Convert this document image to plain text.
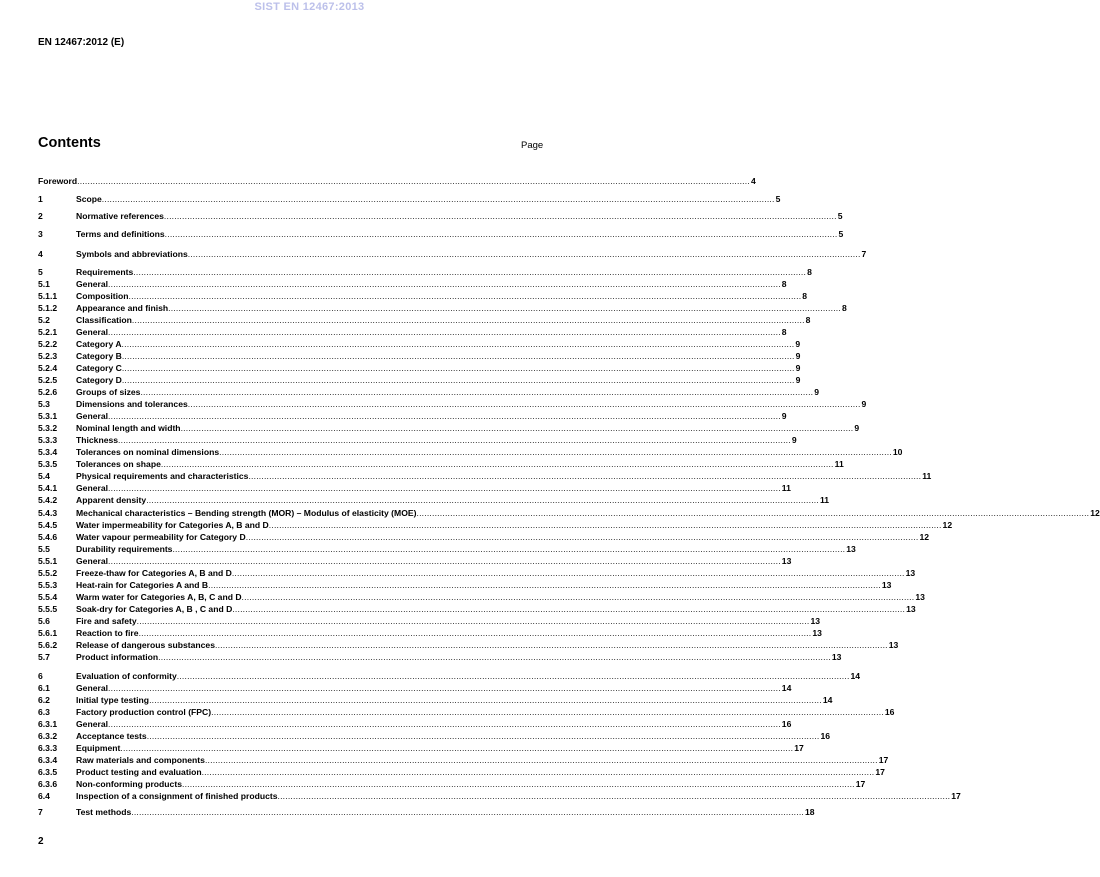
SIST EN 12467:2013
EN 12467:2012 (E)
Contents	Page
Foreword .................................................................................................................................................................................................................................................................... 4
1	Scope .................................................................................................................................................................................................................................................................... 5
2	Normative references .................................................................................................................................................................................................................................................................... 5
3	Terms and definitions .................................................................................................................................................................................................................................................................... 5
4	Symbols and abbreviations .................................................................................................................................................................................................................................................................... 7
5	Requirements .................................................................................................................................................................................................................................................................... 8
5.1	General .................................................................................................................................................................................................................................................................... 8
5.1.1	Composition .................................................................................................................................................................................................................................................................... 8
5.1.2	Appearance and finish .................................................................................................................................................................................................................................................................... 8
5.2	Classification .................................................................................................................................................................................................................................................................... 8
5.2.1	General .................................................................................................................................................................................................................................................................... 8
5.2.2	Category A .................................................................................................................................................................................................................................................................... 9
5.2.3	Category B .................................................................................................................................................................................................................................................................... 9
5.2.4	Category C .................................................................................................................................................................................................................................................................... 9
5.2.5	Category D .................................................................................................................................................................................................................................................................... 9
5.2.6	Groups of sizes .................................................................................................................................................................................................................................................................... 9
5.3	Dimensions and tolerances .................................................................................................................................................................................................................................................................... 9
5.3.1	General .................................................................................................................................................................................................................................................................... 9
5.3.2	Nominal length and width .................................................................................................................................................................................................................................................................... 9
5.3.3	Thickness .................................................................................................................................................................................................................................................................... 9
5.3.4	Tolerances on nominal dimensions .................................................................................................................................................................................................................................................................... 10
5.3.5	Tolerances on shape .................................................................................................................................................................................................................................................................... 11
5.4	Physical requirements and characteristics .................................................................................................................................................................................................................................................................... 11
5.4.1	General .................................................................................................................................................................................................................................................................... 11
5.4.2	Apparent density .................................................................................................................................................................................................................................................................... 11
5.4.3	Mechanical characteristics – Bending strength (MOR) – Modulus of elasticity (MOE) .................................................................................................................................................................................................................................................................... 12
5.4.5	Water impermeability for Categories A, B and D .................................................................................................................................................................................................................................................................... 12
5.4.6	Water vapour permeability for Category D .................................................................................................................................................................................................................................................................... 12
5.5	Durability requirements .................................................................................................................................................................................................................................................................... 13
5.5.1	General .................................................................................................................................................................................................................................................................... 13
5.5.2	Freeze-thaw for Categories A, B and D .................................................................................................................................................................................................................................................................... 13
5.5.3	Heat-rain for Categories A and B .................................................................................................................................................................................................................................................................... 13
5.5.4	Warm water for Categories A, B, C and D .................................................................................................................................................................................................................................................................... 13
5.5.5	Soak-dry for Categories A, B , C and D .................................................................................................................................................................................................................................................................... 13
5.6	Fire and safety .................................................................................................................................................................................................................................................................... 13
5.6.1	Reaction to fire .................................................................................................................................................................................................................................................................... 13
5.6.2	Release of dangerous substances .................................................................................................................................................................................................................................................................... 13
5.7	Product information .................................................................................................................................................................................................................................................................... 13
6	Evaluation of conformity .................................................................................................................................................................................................................................................................... 14
6.1	General .................................................................................................................................................................................................................................................................... 14
6.2	Initial type testing .................................................................................................................................................................................................................................................................... 14
6.3	Factory production control (FPC) .................................................................................................................................................................................................................................................................... 16
6.3.1	General .................................................................................................................................................................................................................................................................... 16
6.3.2	Acceptance tests .................................................................................................................................................................................................................................................................... 16
6.3.3	Equipment .................................................................................................................................................................................................................................................................... 17
6.3.4	Raw materials and components .................................................................................................................................................................................................................................................................... 17
6.3.5	Product testing and evaluation .................................................................................................................................................................................................................................................................... 17
6.3.6	Non-conforming products .................................................................................................................................................................................................................................................................... 17
6.4	Inspection of a consignment of finished products .................................................................................................................................................................................................................................................................... 17
7	Test methods .................................................................................................................................................................................................................................................................... 18
2
